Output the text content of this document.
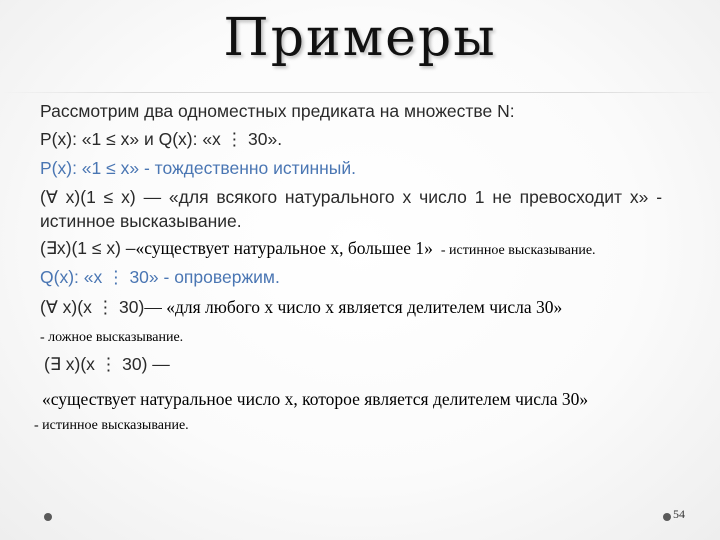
Примеры
Рассмотрим два одноместных предиката на множестве N:
P(x): «1 ≤ x» и Q(x): «x ⋮ 30».
P(x): «1 ≤ x» - тождественно истинный.
(∀ x)(1 ≤ x) — «для всякого натурального х число 1 не превосходит х» -
истинное высказывание.
(∃x)(1 ≤ x) –«существует натуральное х, большее 1»- истинное высказывание.
Q(x): «x ⋮ 30» - опровержим.
(∀ x)(x ⋮ 30)— «для любого х число х является делителем числа 30»
- ложное высказывание.
(∃ x)(x ⋮ 30) —
«существует натуральное число х, которое является делителем числа 30»
- истинное высказывание.
54
